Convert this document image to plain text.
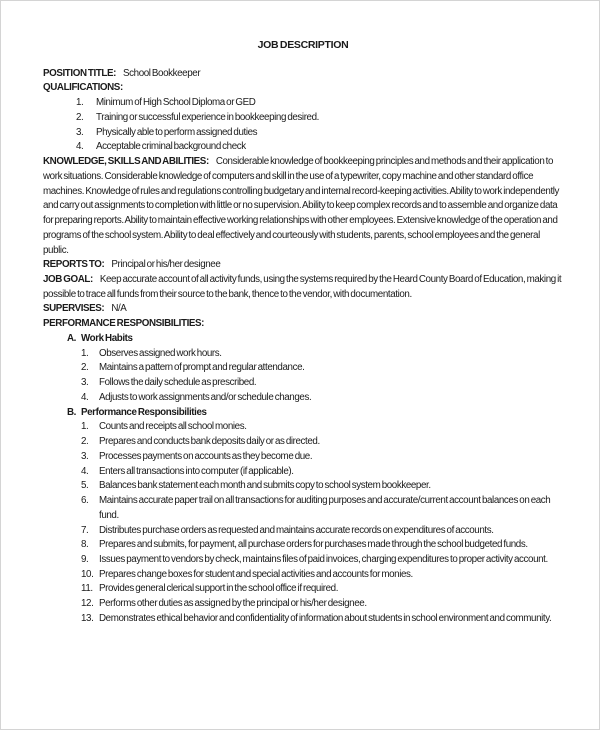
JOB DESCRIPTION

POSITION TITLE: School Bookkeeper

QUALIFICATIONS:

1. Minimum of High School Diploma or GED
2. Training or successful experience in bookkeeping desired.
3. Physically able to perform assigned duties
4. Acceptable criminal background check

KNOWLEDGE, SKILLS AND ABILITIES: Considerable knowledge of bookkeeping principles and methods and their application to work situations. Considerable knowledge of computers and skill in the use of a typewriter, copy machine and other standard office machines. Knowledge of rules and regulations controlling budgetary and internal record-keeping activities. Ability to work independently and carry out assignments to completion with little or no supervision. Ability to keep complex records and to assemble and organize data for preparing reports. Ability to maintain effective working relationships with other employees. Extensive knowledge of the operation and programs of the school system. Ability to deal effectively and courteously with students, parents, school employees and the general public.

REPORTS TO: Principal or his/her designee

JOB GOAL: Keep accurate account of all activity funds, using the systems required by the Heard County Board of Education, making it possible to trace all funds from their source to the bank, thence to the vendor, with documentation.

SUPERVISES: N/A

PERFORMANCE RESPONSIBILITIES:

A. Work Habits

1. Observes assigned work hours.
2. Maintains a pattern of prompt and regular attendance.
3. Follows the daily schedule as prescribed.
4. Adjusts to work assignments and/or schedule changes.

B. Performance Responsibilities

1. Counts and receipts all school monies.
2. Prepares and conducts bank deposits daily or as directed.
3. Processes payments on accounts as they become due.
4. Enters all transactions into computer (if applicable).
5. Balances bank statement each month and submits copy to school system bookkeeper.
6. Maintains accurate paper trail on all transactions for auditing purposes and accurate/current account balances on each fund.
7. Distributes purchase orders as requested and maintains accurate records on expenditures of accounts.
8. Prepares and submits, for payment, all purchase orders for purchases made through the school budgeted funds.
9. Issues payment to vendors by check, maintains files of paid invoices, charging expenditures to proper activity account.
10. Prepares change boxes for student and special activities and accounts for monies.
11. Provides general clerical support in the school office if required.
12. Performs other duties as assigned by the principal or his/her designee.
13. Demonstrates ethical behavior and confidentiality of information about students in school environment and community.
